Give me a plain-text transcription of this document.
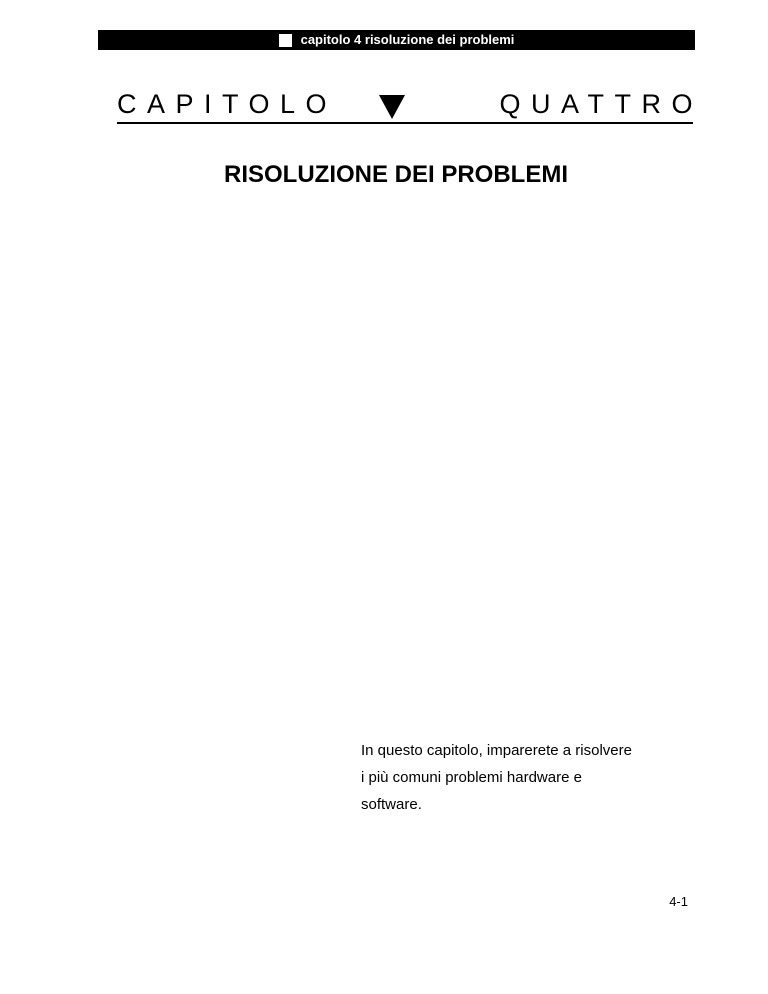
capitolo 4 risoluzione dei problemi
CAPITOLO	QUATTRO
RISOLUZIONE DEI PROBLEMI

In questo capitolo, imparerete a risolvere
i più comuni problemi hardware e
software.

4-1
